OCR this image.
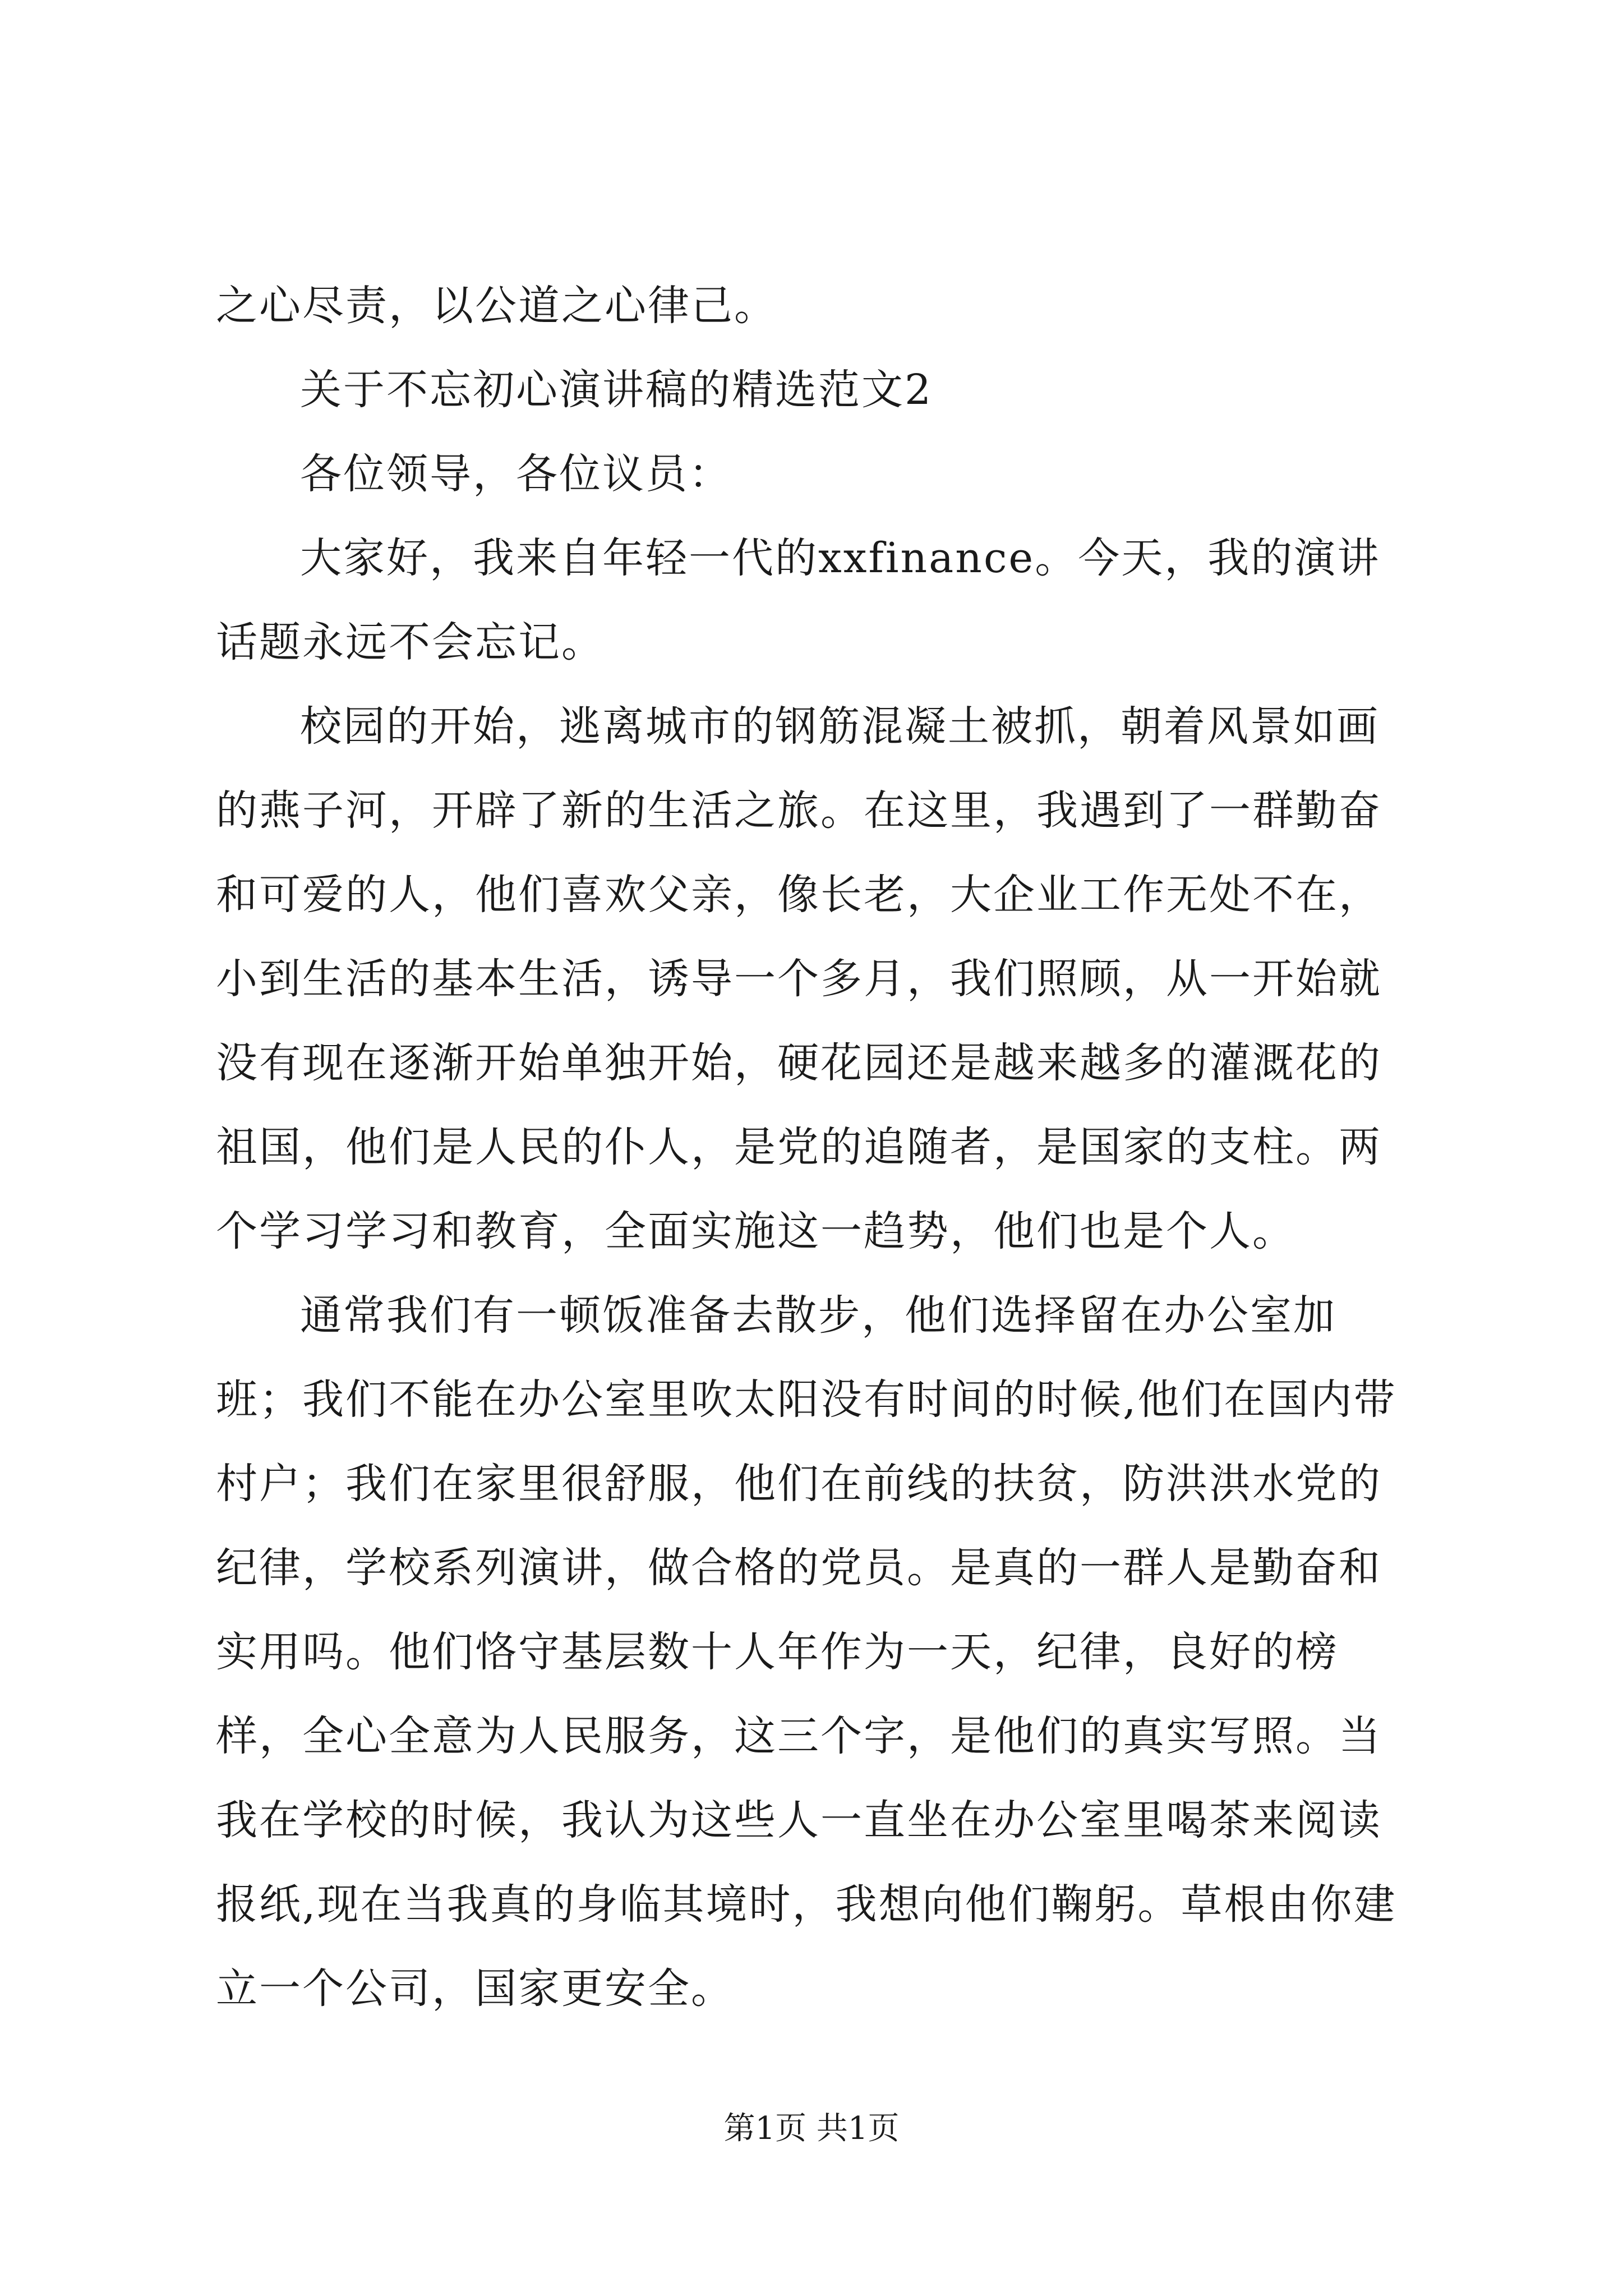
之心尽责，以公道之心律己。

关于不忘初心演讲稿的精选范文2

各位领导，各位议员：

大家好，我来自年轻一代的xxfinance。今天，我的演讲话题永远不会忘记。

校园的开始，逃离城市的钢筋混凝土被抓，朝着风景如画的燕子河，开辟了新的生活之旅。在这里，我遇到了一群勤奋和可爱的人，他们喜欢父亲，像长老，大企业工作无处不在，小到生活的基本生活，诱导一个多月，我们照顾，从一开始就没有现在逐渐开始单独开始，硬花园还是越来越多的灌溉花的祖国，他们是人民的仆人，是党的追随者，是国家的支柱。两个学习学习和教育，全面实施这一趋势，他们也是个人。

通常我们有一顿饭准备去散步，他们选择留在办公室加班；我们不能在办公室里吹太阳没有时间的时候,他们在国内带村户；我们在家里很舒服，他们在前线的扶贫，防洪洪水党的纪律，学校系列演讲，做合格的党员。是真的一群人是勤奋和实用吗。他们恪守基层数十人年作为一天，纪律，良好的榜样，全心全意为人民服务，这三个字，是他们的真实写照。当我在学校的时候，我认为这些人一直坐在办公室里喝茶来阅读报纸,现在当我真的身临其境时，我想向他们鞠躬。草根由你建立一个公司，国家更安全。

第1页 共1页
